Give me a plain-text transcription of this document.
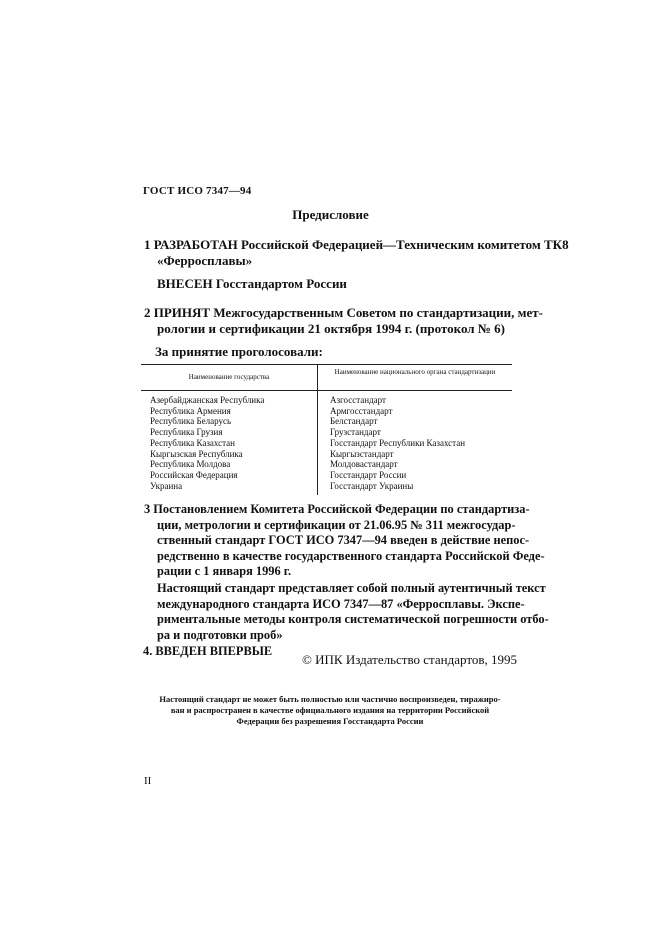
ГОСТ ИСО 7347—94
Предисловие
1 РАЗРАБОТАН Российской Федерацией—Техническим комитетом ТК8
«Ферросплавы»
ВНЕСЕН Госстандартом России
2 ПРИНЯТ Межгосударственным Советом по стандартизации, мет-
рологии и сертификации 21 октября 1994 г. (протокол № 6)
За принятие проголосовали:
Наименование государства
Наименование национального органа стандартизации
Азербайджанская Республика
Республика Армения
Республика Беларусь
Республика Грузия
Республика Казахстан
Кыргызская Республика
Республика Молдова
Российская Федерация
Украина
Азгосстандарт
Армгосстандарт
Белстандарт
Грузстандарт
Госстандарт Республики Казахстан
Кыргызстандарт
Молдовастандарт
Госстандарт России
Госстандарт Украины
3 Постановлением Комитета Российской Федерации по стандартиза-
ции, метрологии и сертификации от 21.06.95 № 311 межгосудар-
ственный стандарт ГОСТ ИСО 7347—94 введен в действие непос-
редственно в качестве государственного стандарта Российской Феде-
рации с 1 января 1996 г.
Настоящий стандарт представляет собой полный аутентичный текст
международного стандарта ИСО 7347—87 «Ферросплавы. Экспе-
риментальные методы контроля систематической погрешности отбо-
ра и подготовки проб»
4. ВВЕДЕН ВПЕРВЫЕ
© ИПК Издательство стандартов, 1995
Настоящий стандарт не может быть полностью или частично воспроизведен, тиражиро-
ван и распространен в качестве официального издания на территории Российской
Федерации без разрешения Госстандарта России
II
